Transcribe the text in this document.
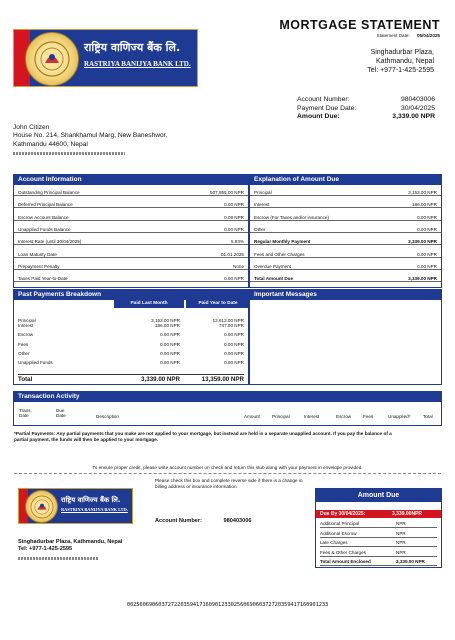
राष्ट्रिय वाणिज्य बैंक लि.
RASTRIYA BANIJYA BANK LTD.
MORTGAGE STATEMENT
Statement Date: 05/04/2025
Singhadurbar Plaza,
Kathmandu, Nepal
Tel: +977-1-425-2595
Account Number:	980403006
Payment Due Date:	30/04/2025
Amount Due:	3,339.00 NPR
John Citizen
House No. 214, Shankhamul Marg, New Baneshwor,
Kathmandu 44600, Nepal
Account Information
Outstanding Principal Balance	507,855.00 NPR
Deferred Principal Balance	0.00 NPR
Escrow Account Balance	0.09 NPR
Unapplied Funds Balance	0.00 NPR
Interest Rate (until 30/04/2025)	5.93%
Loan Maturity Date	01.01.2025
Prepayment Penalty	None
Taxes Paid Year-to-Date	0.00 NPR
Explanation of Amount Due
Principal	3,153.00 NPR
Interest	186.00 NPR
Escrow (For Taxes and/or insurance)	0.00 NPR
Other	0.00 NPR
Regular Monthly Payment	3,339.00 NPR
Fees and Other Charges	0.00 NPR
Overdue Payment	0.00 NPR
Total Amount Due	3,339.00 NPR
Past Payments Breakdown
Paid Last Month	Paid Year to Date
Principal	3,153.00 NPR	12,612.00 NPR
Interest	186.00 NPR	747.00 NPR
Escrow	0.00 NPR	0.00 NPR
Fees	0.00 NPR	0.00 NPR
Other	0.00 NPR	0.00 NPR
Unapplied Funds	0.00 NPR	0.00 NPR
Total	3,339.00 NPR	13,359.00 NPR
Important Messages
Transaction Activity
Trans. Date
Due Date	Description	Amount	Principal	Interest	Escrow	Fees	Unapplied*	Total
*Partial Payments: Any partial payments that you make are not applied to your mortgage, but instead are held in a separate unapplied account. If you pay the balance of a partial payment, the funds will then be applied to your mortgage.
To ensure proper credit, please write account number on check and return this stub along with your payment in envelope provided.
Please check this box and complete reverse side if there is a change in billing address or insurance information.
राष्ट्रिय वाणिज्य बैंक लि.
RASTRIYA BANIJYA BANK LTD.
Account Number:	980403006
Singhadurbar Plaza, Kathmandu, Nepal
Tel: +977-1-425-2595
Amount Due
Due By 30/04/2025:	3,339.00NPR
Additional Principal	NPR
Additional Escrow	NPR
Late Charges	NPR
Fees & Other Charges	NPR
Total Amount Enclosed	3,339.00 NPR
0025606906037272203594171609012330256069060372720359417160901233
